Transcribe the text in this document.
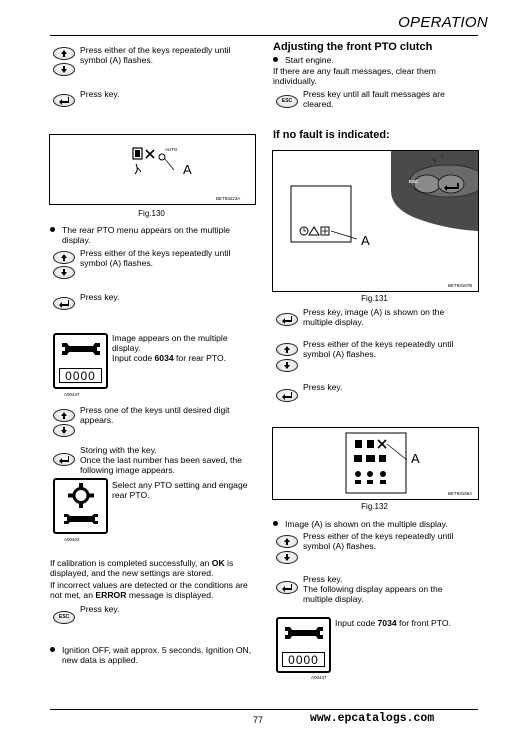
OPERATION
Press either of the keys repeatedly until symbol (A) flashes.
Press key.
AUTO
A
BET93223A
Fig.130
The rear PTO menu appears on the multiple display.
Press either of the keys repeatedly until symbol (A) flashes.
Press key.
0000
A00447
Image appears on the multiple display.
Input code 6034 for rear PTO.
Press one of the keys until desired digit appears.
Storing with the key.
Once the last number has been saved, the following image appears.
A00402
Select any PTO setting and engage rear PTO.
If calibration is completed successfully, an OK is displayed, and the new settings are stored.
If incorrect values are detected or the conditions are not met, an ERROR message is displayed.
ESC
Press key.
Ignition OFF, wait approx. 5 seconds. Ignition ON, new data is applied.
Adjusting the front PTO clutch
Start engine.
If there are any fault messages, clear them individually.
ESC
Press key until all fault messages are cleared.
If no fault is indicated:
ESC
A
BET93167B
Fig.131
Press key, image (A) is shown on the multiple display.
Press either of the keys repeatedly until symbol (A) flashes.
Press key.
A
BET93156A
Fig.132
Image (A) is shown on the multiple display.
Press either of the keys repeatedly until symbol (A) flashes.
Press key.
The following display appears on the multiple display.
0000
A00447
Input code 7034 for front PTO.
77	www.epcatalogs.com
